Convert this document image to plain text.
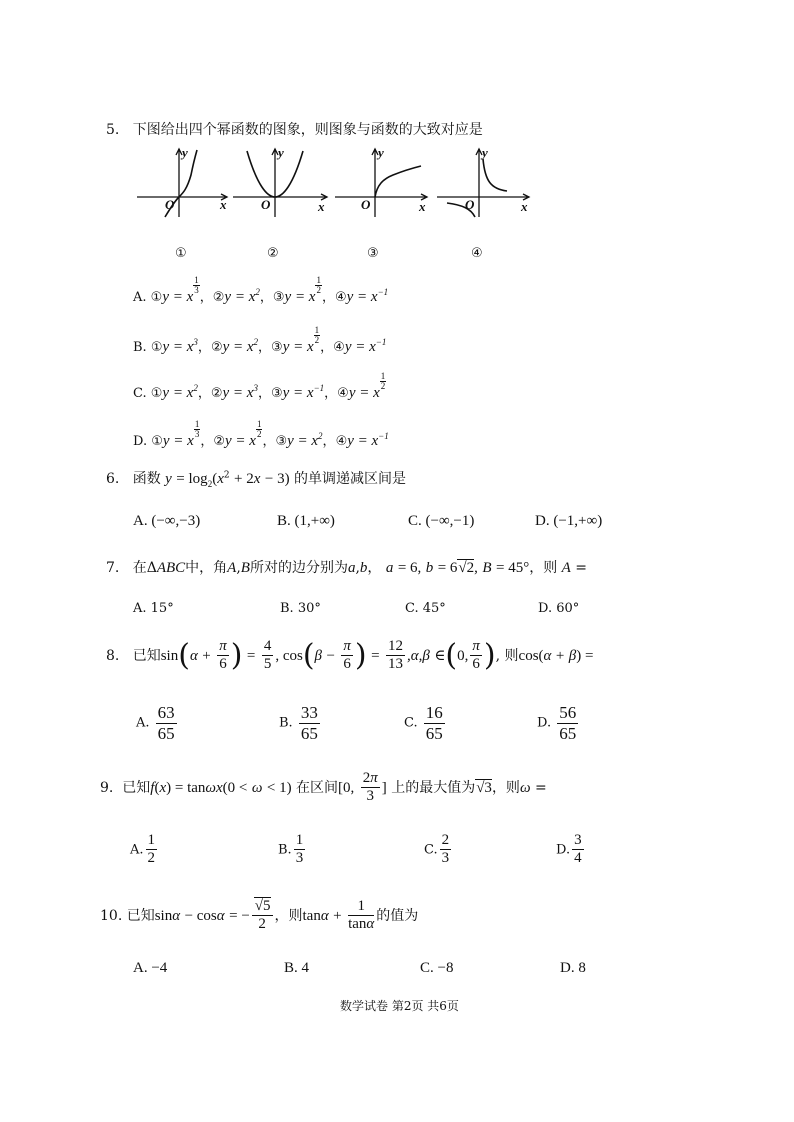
5.   下图给出四个幂函数的图象，则图象与函数的大致对应是
y
x
O
y
x
O
y
x
O
y
x
O
①	②	③	④
A. ①y = x
$\frac{1}{3}$
，②y = $x^2$，③y = x
$\frac{1}{2}$
，④y = $x^{-1}$
B. ①y = $x^3$，②y = $x^2$，③y = x
$\frac{1}{2}$
，④y = $x^{-1}$
C. ①y = $x^2$，②y = $x^3$，③y = $x^{-1}$，④y = x
$\frac{1}{2}$
D. ①y = x
$\frac{1}{3}$
，②y = x
$\frac{1}{2}$
，③y = $x^2$，④y = $x^{-1}$
6.   函数 $y = \log_2(x^2 + 2x - 3)$ 的单调递减区间是
A. (−∞,−3)	B. (1,+∞)	C. (−∞,−1)	D. (−1,+∞)
7.   在ΔABC中，角A,B所对的边分别为a,b， a = 6, b = 6√2, B = 45°，则 A =
A. 15°	B. 30°	C. 45°	D. 60°
8.   已知$\sin(\alpha + \frac{\pi}{6}$ ) = $\frac{4}{5}$ , $\cos(\beta - \frac{\pi}{6}$ ) = $\frac{12}{13} ,\alpha,\beta$ ∈(0, $\frac{\pi}{6}$ ), 则cos(α + β) =
A. $\frac{63}{65}$	B. $\frac{33}{65}$	C. $\frac{16}{65}$	D. $\frac{56}{65}$
9.  已知f(x) = tanωx(0 < ω < 1) 在区间[0, $\frac{2\pi}{3}$ ] 上的最大值为√3，则ω =
A. $\frac{1}{2}$	B. $\frac{1}{3}$	C. $\frac{2}{3}$	D. $\frac{3}{4}$
10. 已知sinα − cosα = − $\frac{√5}{2}$ ，则$\tan\alpha + \frac{1}{\tan\alpha}$ 的值为
A. −4	B. 4	C. −8	D. 8
数学试卷 第2页 共6页
